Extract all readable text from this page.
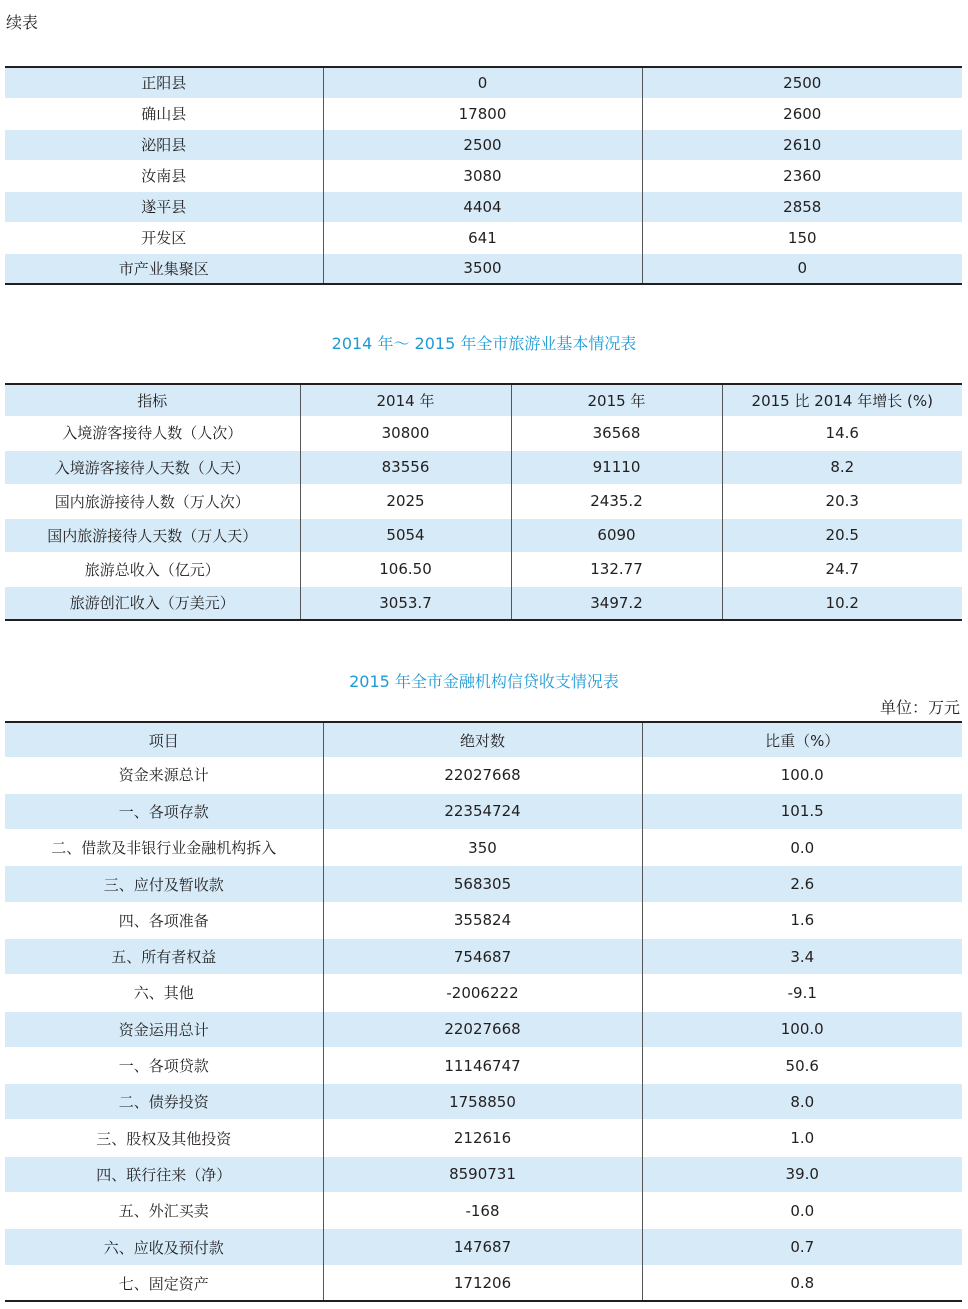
续表
正阳县	0	2500
确山县	17800	2600
泌阳县	2500	2610
汝南县	3080	2360
遂平县	4404	2858
开发区	641	150
市产业集聚区	3500	0
2014 年～ 2015 年全市旅游业基本情况表
指标	2014 年	2015 年	2015 比 2014 年增长 (%)
入境游客接待人数（人次）	30800	36568	14.6
入境游客接待人天数（人天）	83556	91110	8.2
国内旅游接待人数（万人次）	2025	2435.2	20.3
国内旅游接待人天数（万人天）	5054	6090	20.5
旅游总收入（亿元）	106.50	132.77	24.7
旅游创汇收入（万美元）	3053.7	3497.2	10.2
2015 年全市金融机构信贷收支情况表
单位：万元
项目	绝对数	比重（%）
资金来源总计	22027668	100.0
一、各项存款	22354724	101.5
二、借款及非银行业金融机构拆入	350	0.0
三、应付及暂收款	568305	2.6
四、各项准备	355824	1.6
五、所有者权益	754687	3.4
六、其他	-2006222	-9.1
资金运用总计	22027668	100.0
一、各项贷款	11146747	50.6
二、债券投资	1758850	8.0
三、股权及其他投资	212616	1.0
四、联行往来（净）	8590731	39.0
五、外汇买卖	-168	0.0
六、应收及预付款	147687	0.7
七、固定资产	171206	0.8
